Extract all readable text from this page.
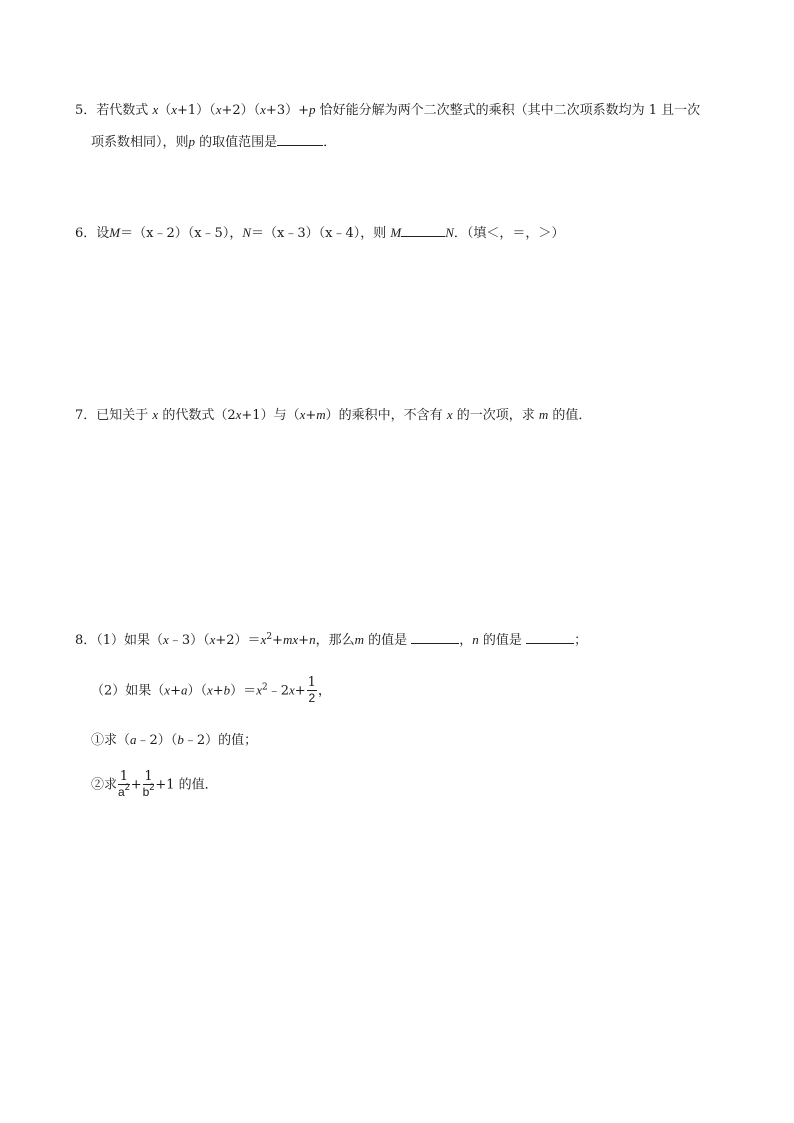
5．若代数式 x（x+1）（x+2）（x+3）+p 恰好能分解为两个二次整式的乘积（其中二次项系数均为 1 且一次
项系数相同），则p 的取值范围是	．
6．设M＝（x﹣2）（x﹣5），N＝（x﹣3）（x﹣4），则 M	N．（填＜，＝，＞）
7．已知关于 x 的代数式（2x+1）与（x+m）的乘积中，不含有 x 的一次项，求 m 的值．
8．（1）如果$(x﹣3)(x+2)=x^2+mx+n$，那么m 的值是	，n 的值是	；
（2）如果$(x+a)(x+b)=x^2﹣2x+ \frac{1}{2}$ ，
①求（a﹣2）（b﹣2）的值；
②求 $\frac{1}{a^2} + \frac{1}{b^2} +1$ 的值．
